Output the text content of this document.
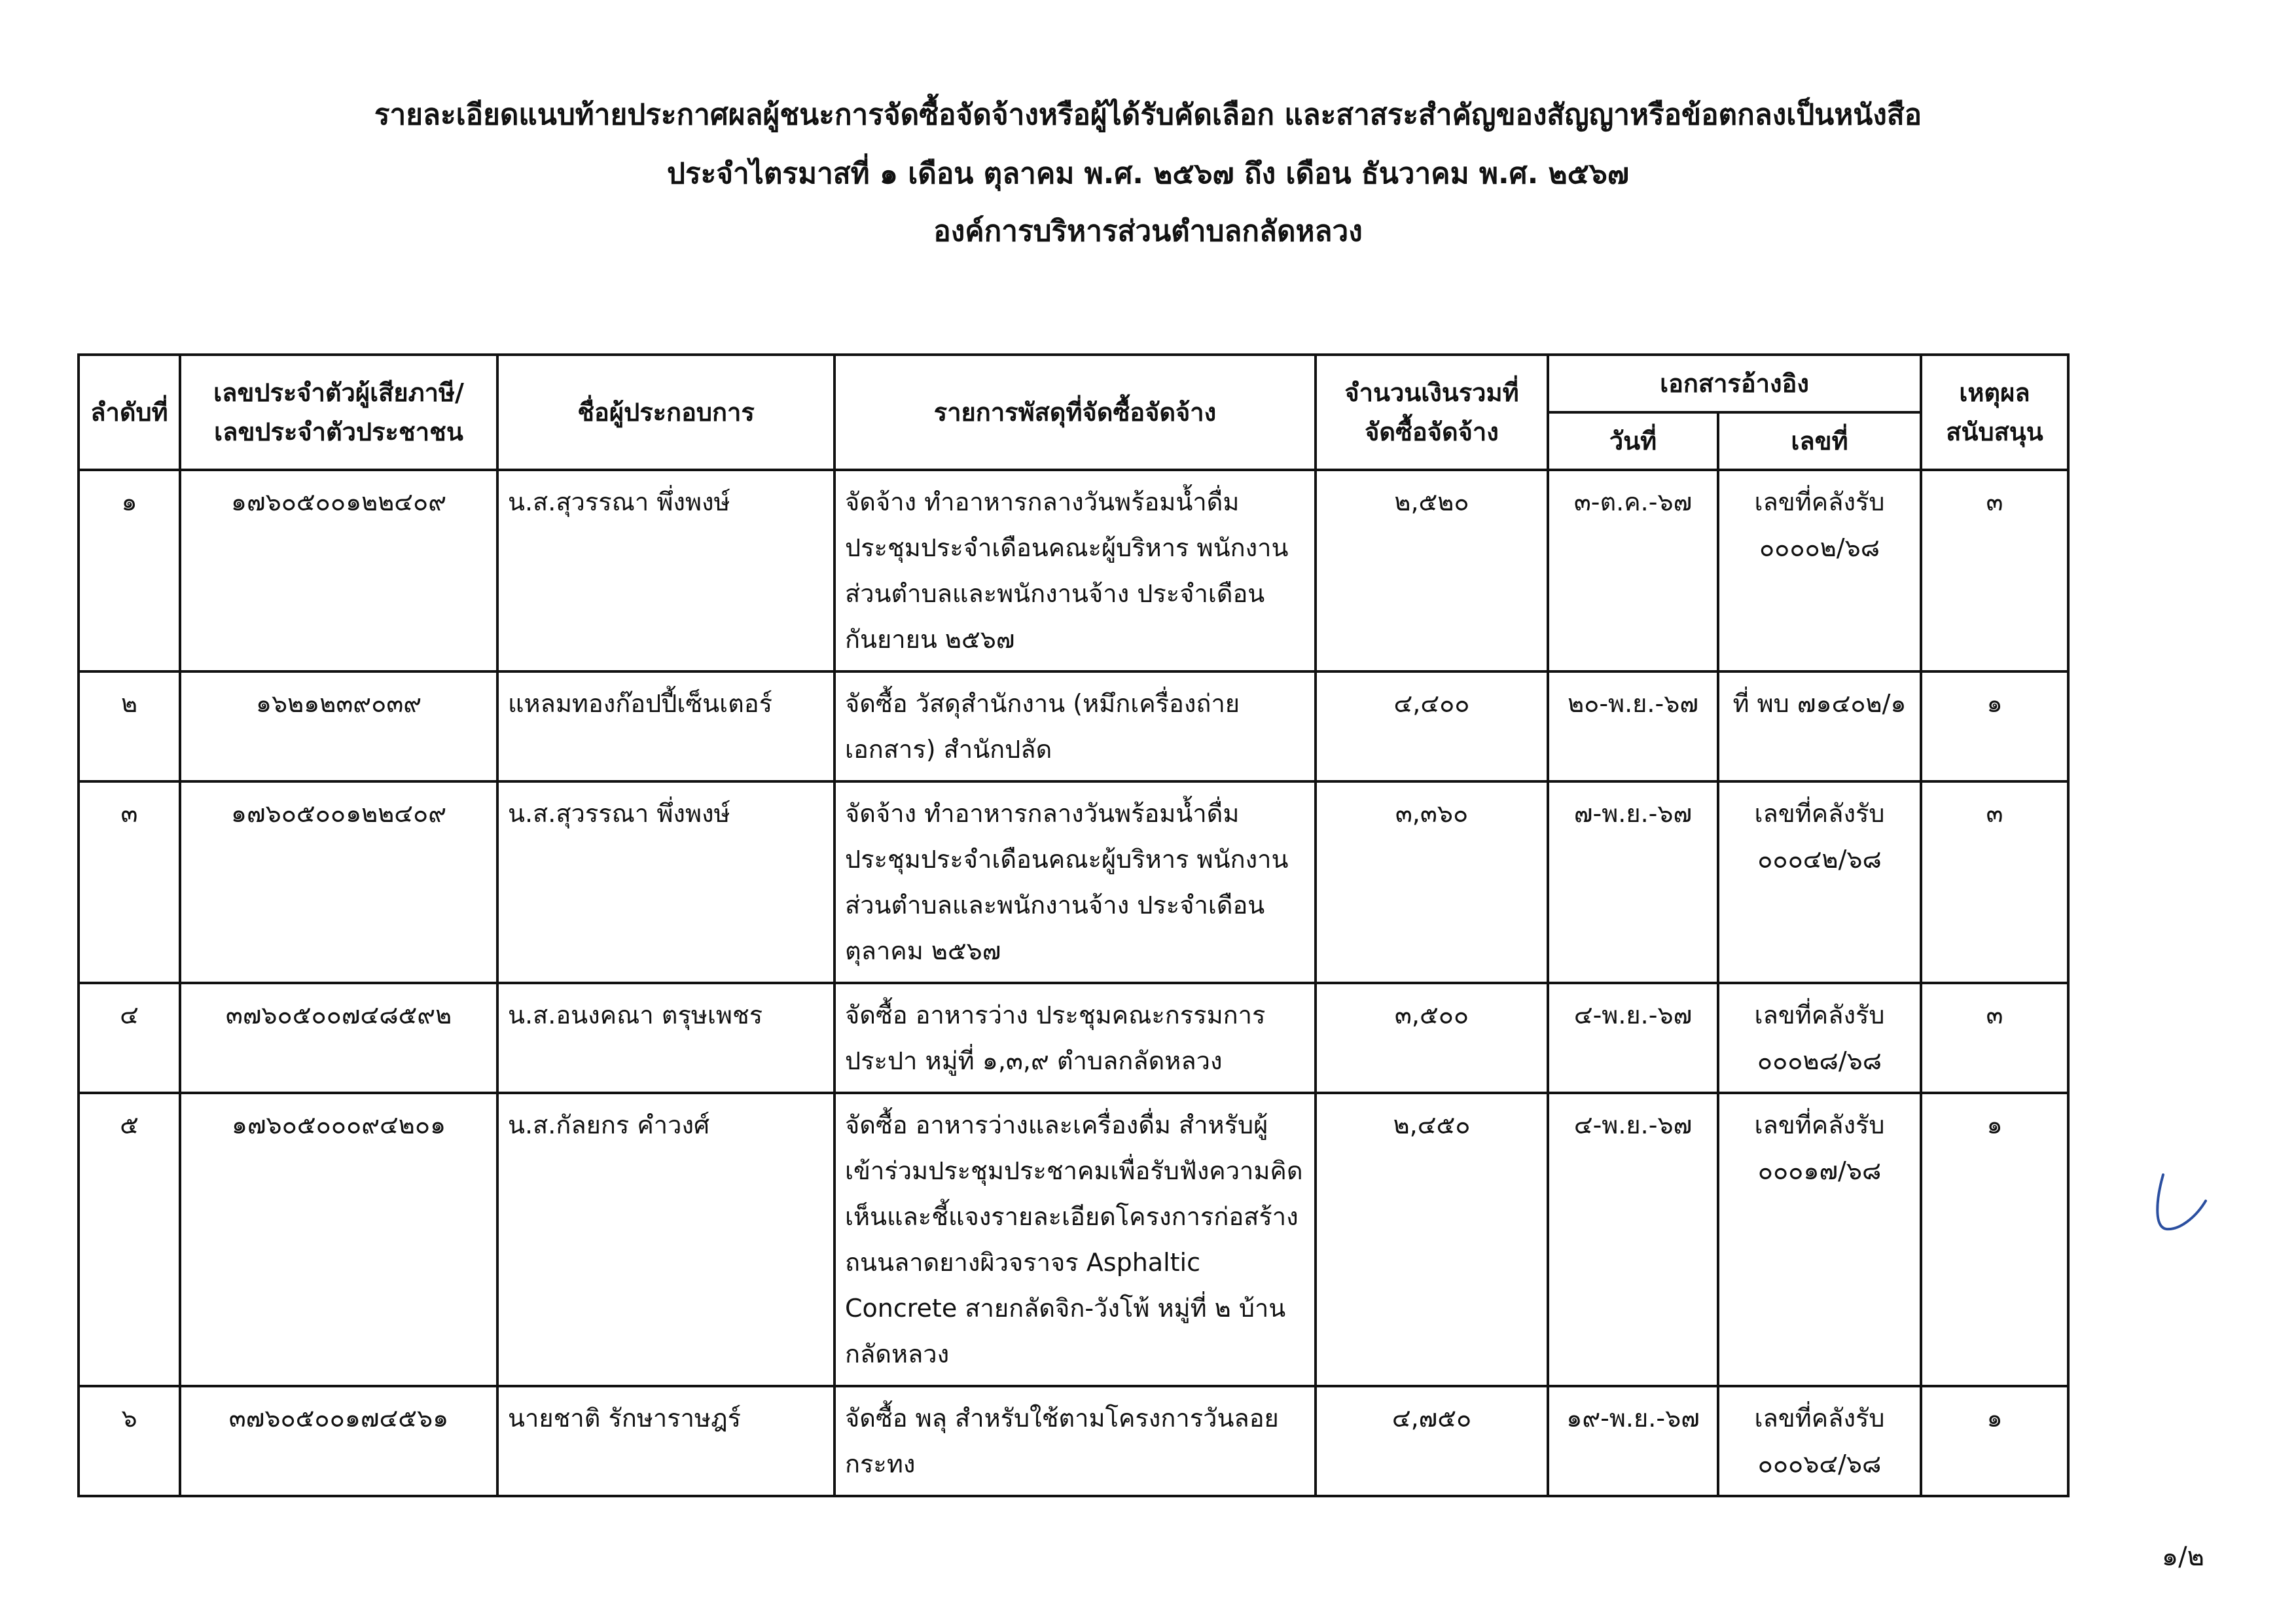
รายละเอียดแนบท้ายประกาศผลผู้ชนะการจัดซื้อจัดจ้างหรือผู้ได้รับคัดเลือก และสาสระสำคัญของสัญญาหรือข้อตกลงเป็นหนังสือ
ประจำไตรมาสที่ ๑ เดือน ตุลาคม พ.ศ. ๒๕๖๗ ถึง เดือน ธันวาคม พ.ศ. ๒๕๖๗
องค์การบริหารส่วนตำบลกลัดหลวง
ลำดับที่	เลขประจำตัวผู้เสียภาษี/ เลขประจำตัวประชาชน	ชื่อผู้ประกอบการ	รายการพัสดุที่จัดซื้อจัดจ้าง	จำนวนเงินรวมที่ จัดซื้อจัดจ้าง	เอกสารอ้างอิง		เหตุผล สนับสนุน
					วันที่	เลขที่	
๑	๑๗๖๐๕๐๐๑๒๒๔๐๙	น.ส.สุวรรณา พึ่งพงษ์	จัดจ้าง ทำอาหารกลางวันพร้อมน้ำดื่ม ประชุมประจำเดือนคณะผู้บริหาร พนักงานส่วนตำบลและพนักงานจ้าง ประจำเดือนกันยายน ๒๕๖๗	๒,๕๒๐	๓-ต.ค.-๖๗	เลขที่คลังรับ ๐๐๐๐๒/๖๘	๓
๒	๑๖๒๑๒๓๙๐๓๙	แหลมทองก๊อปปี้เซ็นเตอร์	จัดซื้อ วัสดุสำนักงาน (หมึกเครื่องถ่ายเอกสาร) สำนักปลัด	๔,๔๐๐	๒๐-พ.ย.-๖๗	ที่ พบ ๗๑๔๐๒/๑	๑
๓	๑๗๖๐๕๐๐๑๒๒๔๐๙	น.ส.สุวรรณา พึ่งพงษ์	จัดจ้าง ทำอาหารกลางวันพร้อมน้ำดื่ม ประชุมประจำเดือนคณะผู้บริหาร พนักงานส่วนตำบลและพนักงานจ้าง ประจำเดือนตุลาคม ๒๕๖๗	๓,๓๖๐	๗-พ.ย.-๖๗	เลขที่คลังรับ ๐๐๐๔๒/๖๘	๓
๔	๓๗๖๐๕๐๐๗๔๘๕๙๒	น.ส.อนงคณา ตรุษเพชร	จัดซื้อ อาหารว่าง ประชุมคณะกรรมการประปา หมู่ที่ ๑,๓,๙ ตำบลกลัดหลวง	๓,๕๐๐	๔-พ.ย.-๖๗	เลขที่คลังรับ ๐๐๐๒๘/๖๘	๓
๕	๑๗๖๐๕๐๐๐๙๔๒๐๑	น.ส.กัลยกร คำวงศ์	จัดซื้อ อาหารว่างและเครื่องดื่ม สำหรับผู้เข้าร่วมประชุมประชาคมเพื่อรับฟังความคิดเห็นและชี้แจงรายละเอียดโครงการก่อสร้างถนนลาดยางผิวจราจร Asphaltic Concrete สายกลัดจิก-วังโพ้ หมู่ที่ ๒ บ้านกลัดหลวง	๒,๔๕๐	๔-พ.ย.-๖๗	เลขที่คลังรับ ๐๐๐๑๗/๖๘	๑
๖	๓๗๖๐๕๐๐๑๗๔๕๖๑	นายชาติ รักษาราษฎร์	จัดซื้อ พลุ สำหรับใช้ตามโครงการวันลอยกระทง	๔,๗๕๐	๑๙-พ.ย.-๖๗	เลขที่คลังรับ ๐๐๐๖๔/๖๘	๑
๑/๒
